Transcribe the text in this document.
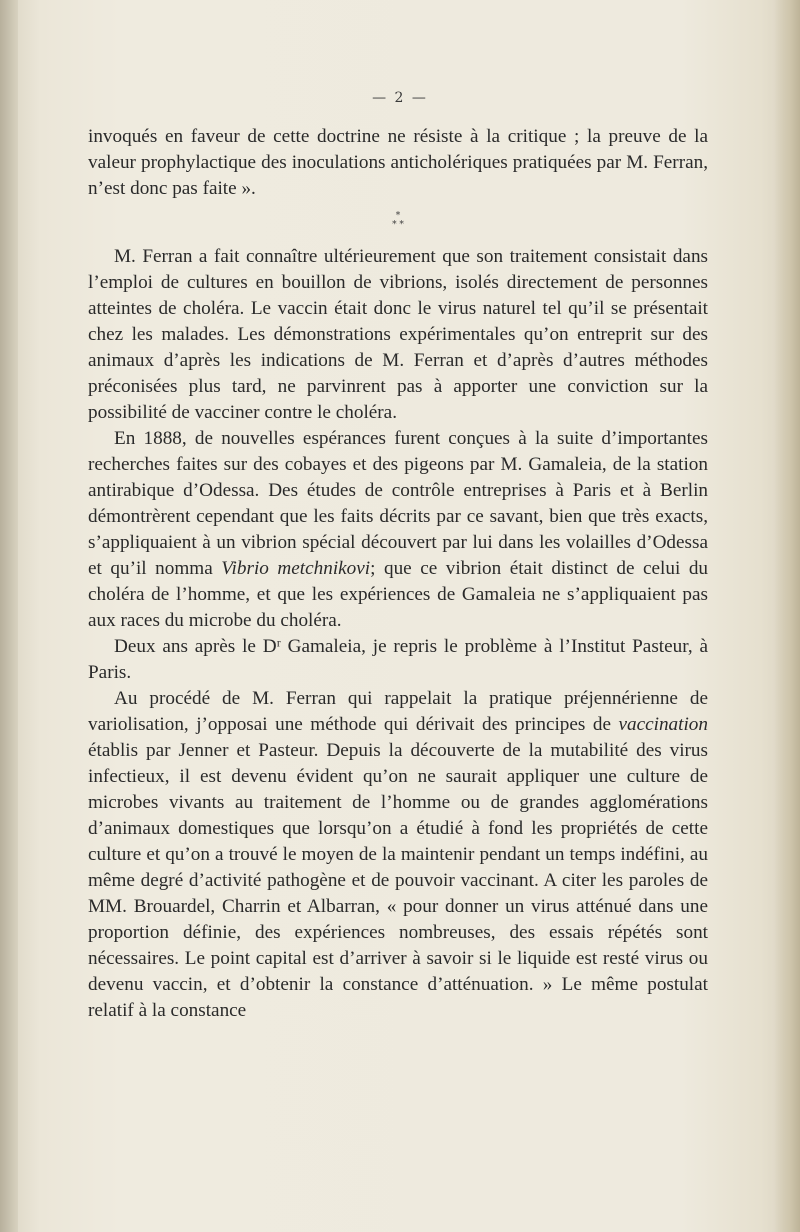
— 2 —

invoqués en faveur de cette doctrine ne résiste à la critique ; la preuve de la valeur prophylactique des inoculations anticholériques pratiquées par M. Ferran, n’est donc pas faite ».

*
* *

M. Ferran a fait connaître ultérieurement que son traitement consistait dans l’emploi de cultures en bouillon de vibrions, isolés directement de personnes atteintes de choléra. Le vaccin était donc le virus naturel tel qu’il se présentait chez les malades. Les démonstrations expérimentales qu’on entreprit sur des animaux d’après les indications de M. Ferran et d’après d’autres méthodes préconisées plus tard, ne parvinrent pas à apporter une conviction sur la possibilité de vacciner contre le choléra.

En 1888, de nouvelles espérances furent conçues à la suite d’importantes recherches faites sur des cobayes et des pigeons par M. Gamaleia, de la station antirabique d’Odessa. Des études de contrôle entreprises à Paris et à Berlin démontrèrent cependant que les faits décrits par ce savant, bien que très exacts, s’appliquaient à un vibrion spécial découvert par lui dans les volailles d’Odessa et qu’il nomma Vibrio metchnikovi; que ce vibrion était distinct de celui du choléra de l’homme, et que les expériences de Gamaleia ne s’appliquaient pas aux races du microbe du choléra.

Deux ans après le Dʳ Gamaleia, je repris le problème à l’Institut Pasteur, à Paris.

Au procédé de M. Ferran qui rappelait la pratique préjennérienne de variolisation, j’opposai une méthode qui dérivait des principes de vaccination établis par Jenner et Pasteur. Depuis la découverte de la mutabilité des virus infectieux, il est devenu évident qu’on ne saurait appliquer une culture de microbes vivants au traitement de l’homme ou de grandes agglomérations d’animaux domestiques que lorsqu’on a étudié à fond les propriétés de cette culture et qu’on a trouvé le moyen de la maintenir pendant un temps indéfini, au même degré d’activité pathogène et de pouvoir vaccinant. A citer les paroles de MM. Brouardel, Charrin et Albarran, « pour donner un virus atténué dans une proportion définie, des expériences nombreuses, des essais répétés sont nécessaires. Le point capital est d’arriver à savoir si le liquide est resté virus ou devenu vaccin, et d’obtenir la constance d’atténuation. » Le même postulat relatif à la constance
